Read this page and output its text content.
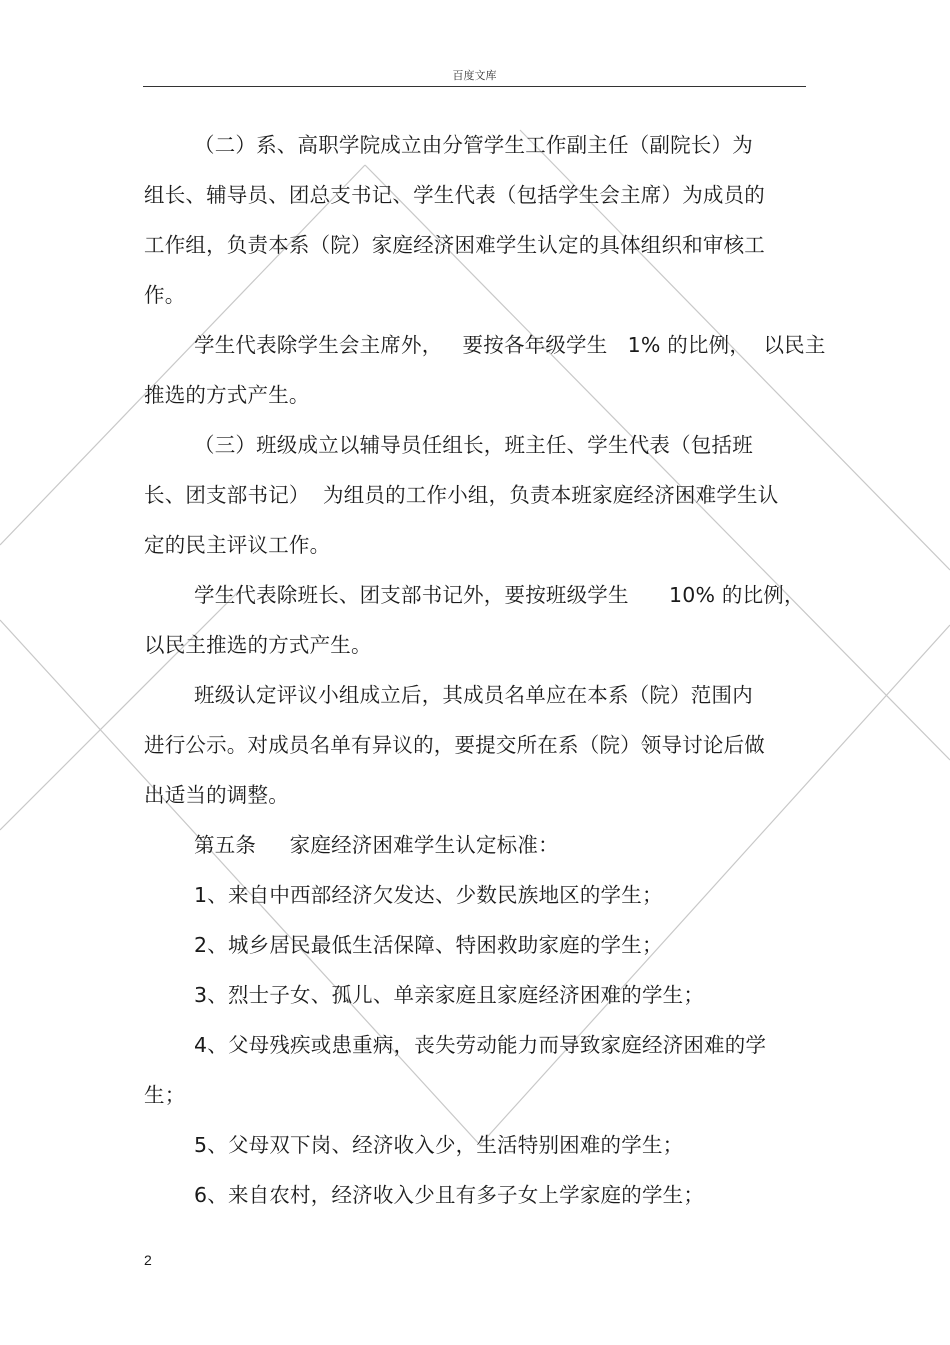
百度文库

（二）系、高职学院成立由分管学生工作副主任（副院长）为

组长、辅导员、团总支书记、学生代表（包括学生会主席）为成员的

工作组，负责本系（院）家庭经济困难学生认定的具体组织和审核工

作。

学生代表除学生会主席外，   要按各年级学生   1% 的比例，  以民主

推选的方式产生。

（三）班级成立以辅导员任组长，班主任、学生代表（包括班

长、团支部书记）  为组员的工作小组，负责本班家庭经济困难学生认

定的民主评议工作。

学生代表除班长、团支部书记外，要按班级学生      10% 的比例，

以民主推选的方式产生。

班级认定评议小组成立后，其成员名单应在本系（院）范围内

进行公示。对成员名单有异议的，要提交所在系（院）领导讨论后做

出适当的调整。

第五条     家庭经济困难学生认定标准：

1、来自中西部经济欠发达、少数民族地区的学生；

2、城乡居民最低生活保障、特困救助家庭的学生；

3、烈士子女、孤儿、单亲家庭且家庭经济困难的学生；

4、父母残疾或患重病，丧失劳动能力而导致家庭经济困难的学

生；

5、父母双下岗、经济收入少，生活特别困难的学生；

6、来自农村，经济收入少且有多子女上学家庭的学生；

2
